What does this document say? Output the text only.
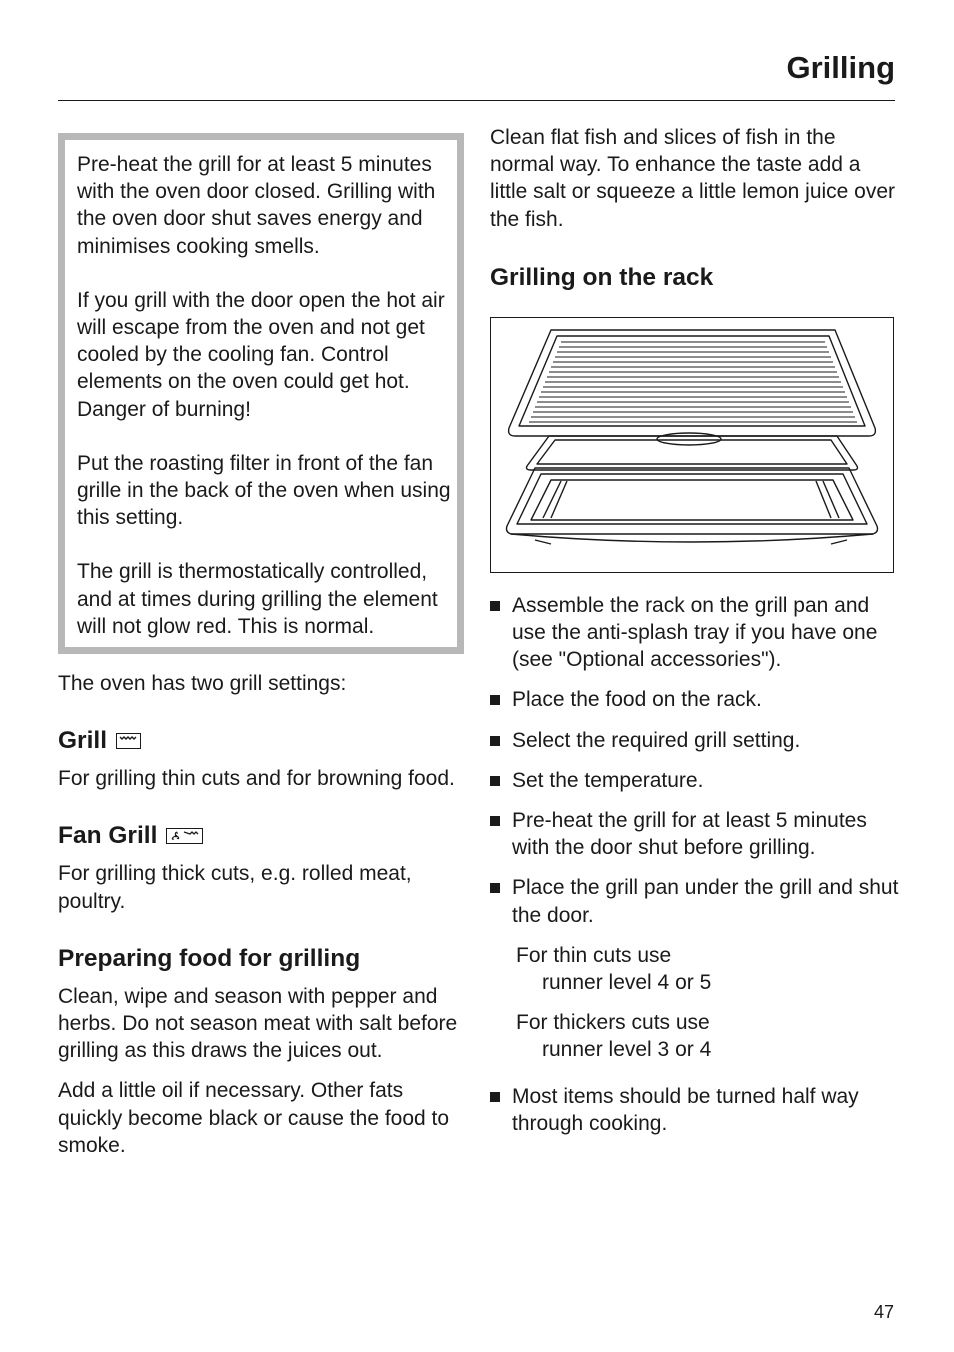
Grilling

Pre-heat the grill for at least 5 minutes with the oven door closed. Grilling with the oven door shut saves energy and minimises cooking smells.

If you grill with the door open the hot air will escape from the oven and not get cooled by the cooling fan. Control elements on the oven could get hot. Danger of burning!

Put the roasting filter in front of the fan grille in the back of the oven when using this setting.

The grill is thermostatically controlled, and at times during grilling the element will not glow red. This is normal.

The oven has two grill settings:

Grill

For grilling thin cuts and for browning food.

Fan Grill

For grilling thick cuts, e.g. rolled meat, poultry.

Preparing food for grilling

Clean, wipe and season with pepper and herbs. Do not season meat with salt before grilling as this draws the juices out.

Add a little oil if necessary. Other fats quickly become black or cause the food to smoke.

Clean flat fish and slices of fish in the normal way. To enhance the taste add a little salt or squeeze a little lemon juice over the fish.

Grilling on the rack

Assemble the rack on the grill pan and use the anti-splash tray if you have one (see "Optional accessories").

Place the food on the rack.

Select the required grill setting.

Set the temperature.

Pre-heat the grill for at least 5 minutes with the door shut before grilling.

Place the grill pan under the grill and shut the door.

For thin cuts use

runner level 4 or 5

For thickers cuts use

runner level 3 or 4

Most items should be turned half way through cooking.

47
